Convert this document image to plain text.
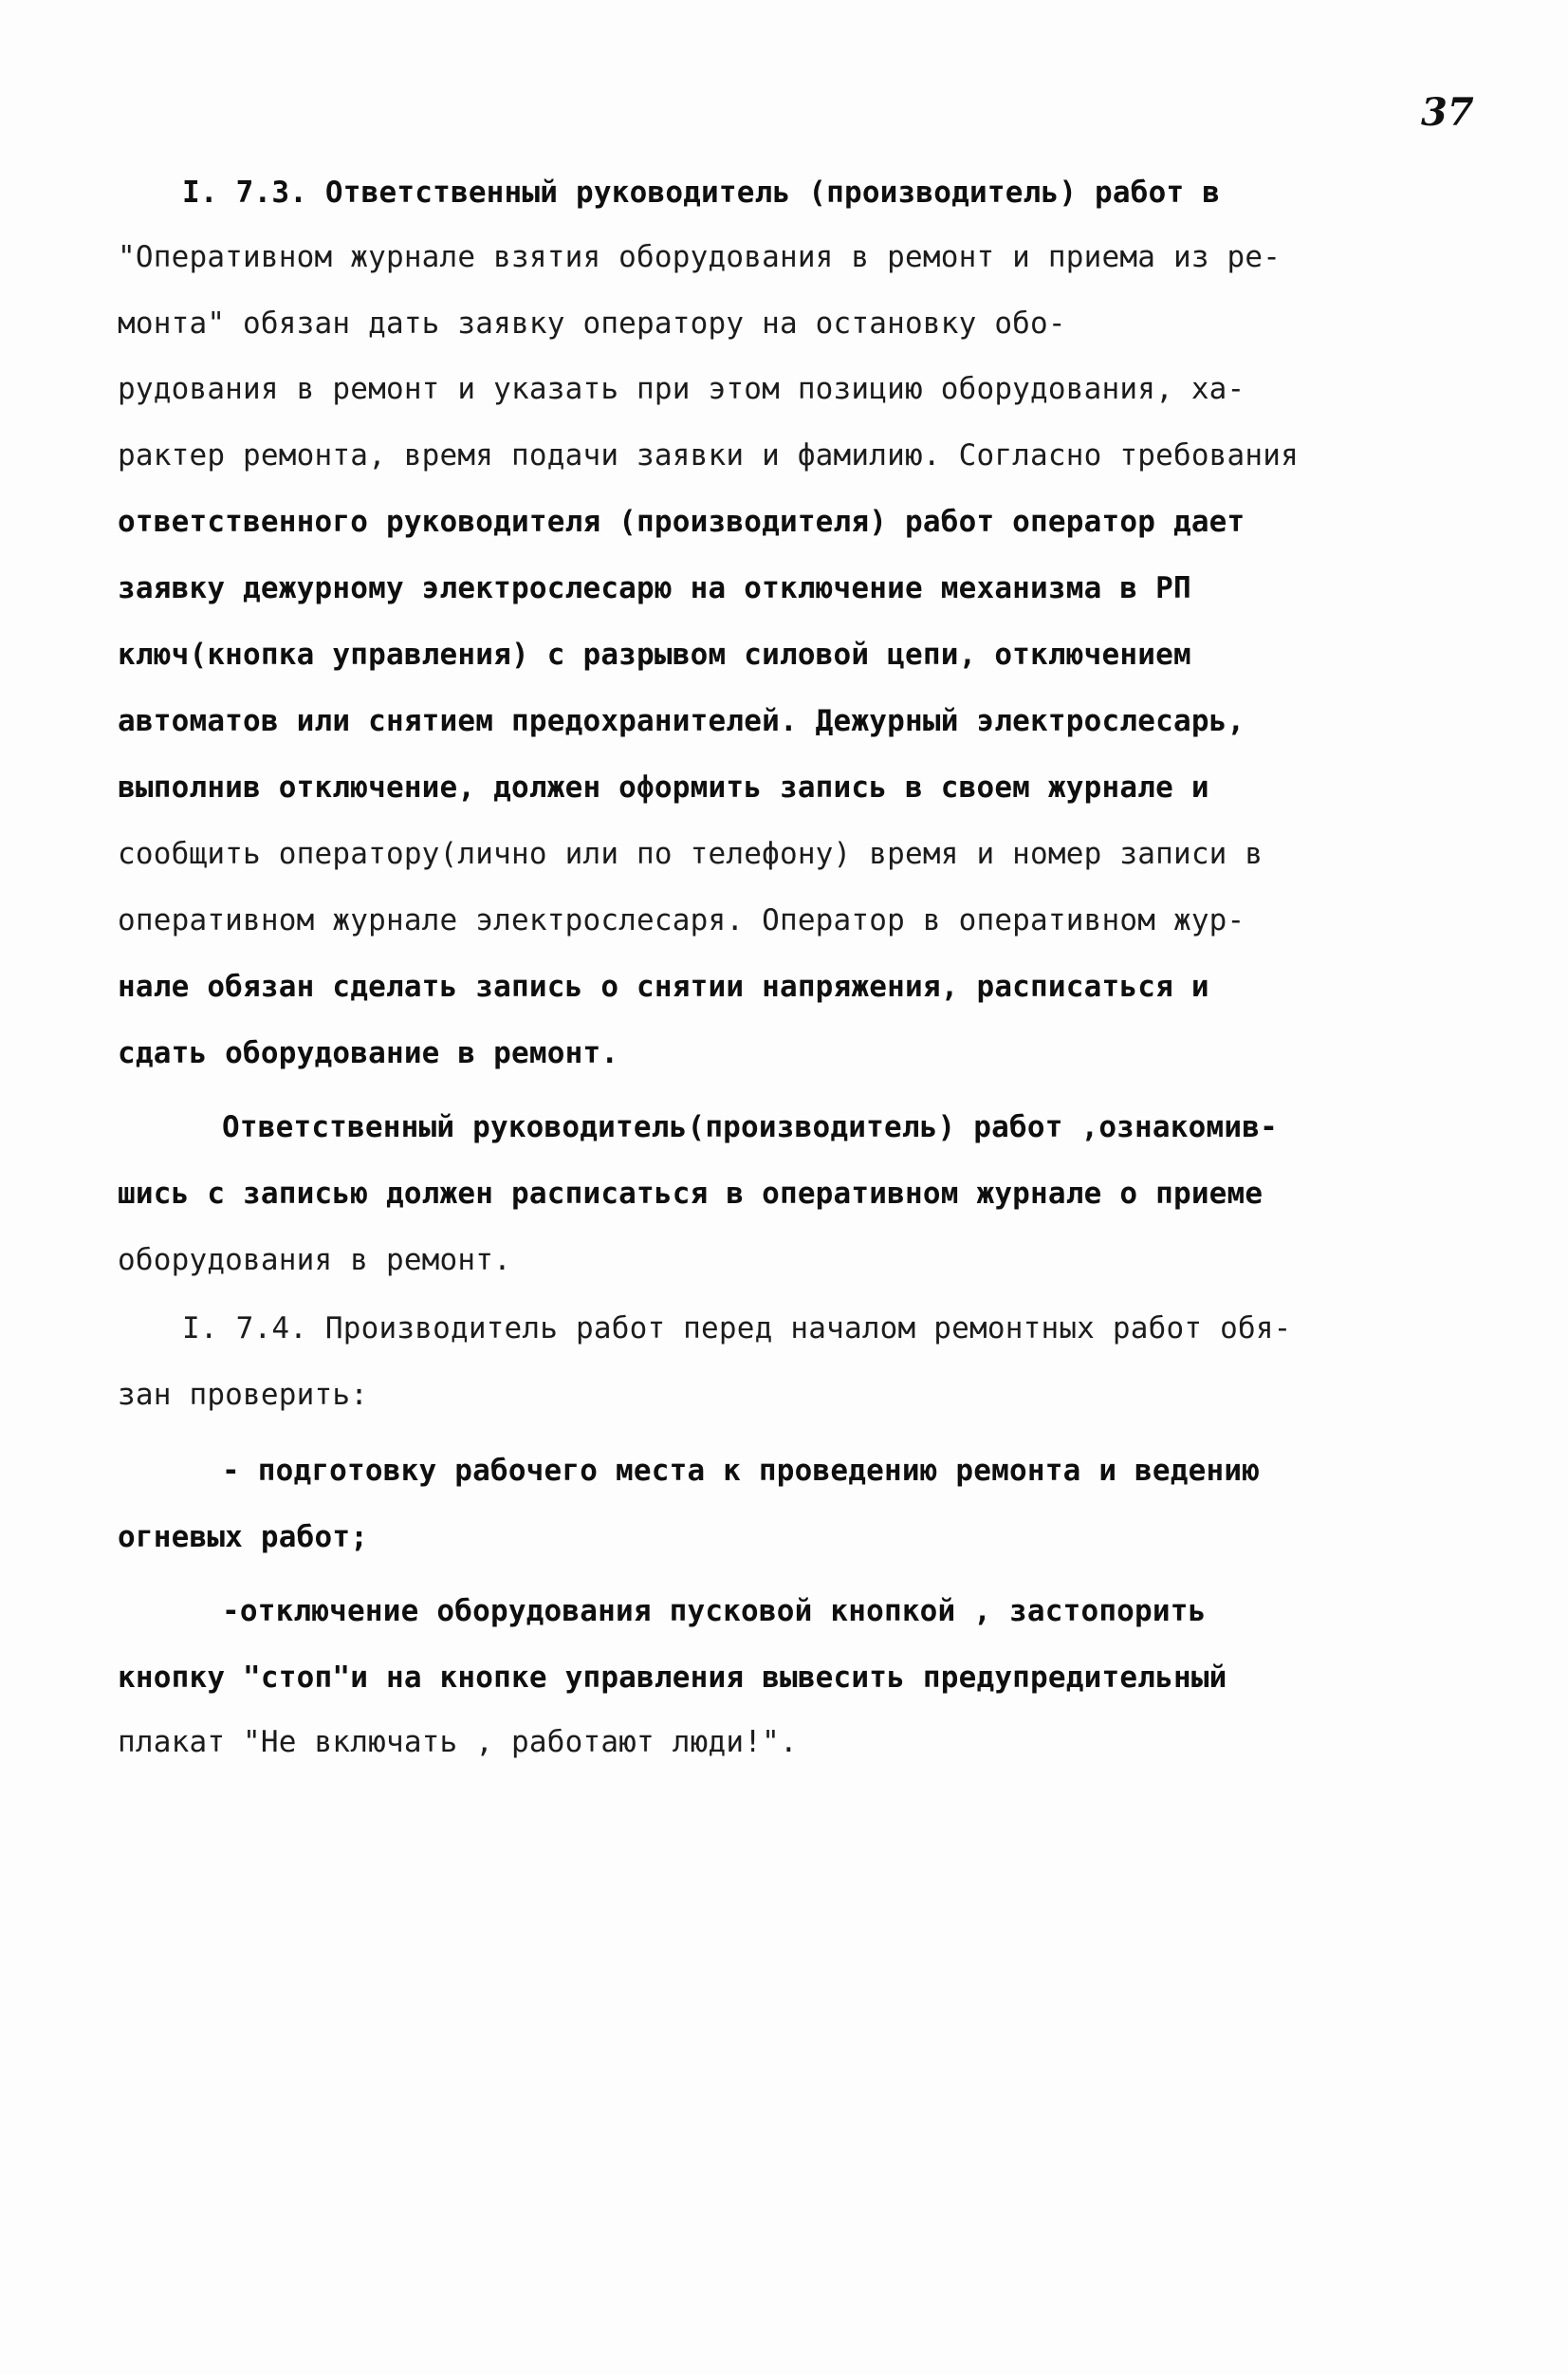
37
I. 7.3. Ответственный руководитель (производитель) работ в
"Оперативном журнале взятия оборудования в ремонт и приема из ре-
монта" обязан дать заявку оператору на остановку обо-
рудования в ремонт и указать при этом позицию оборудования, ха-
рактер ремонта, время подачи заявки и фамилию. Согласно требования
ответственного руководителя (производителя) работ оператор дает
заявку дежурному электрослесарю на отключение механизма в РП
ключ(кнопка управления) с разрывом силовой цепи, отключением
автоматов или снятием предохранителей. Дежурный электрослесарь,
выполнив отключение, должен оформить запись в своем журнале и
сообщить оператору(лично или по телефону) время и номер записи в
оперативном журнале электрослесаря. Оператор в оперативном жур-
нале обязан сделать запись о снятии напряжения, расписаться и
сдать оборудование в ремонт.
Ответственный руководитель(производитель) работ ,ознакомив-
шись с записью должен расписаться в оперативном журнале о приеме
оборудования в ремонт.
I. 7.4. Производитель работ перед началом ремонтных работ обя-
зан проверить:
- подготовку рабочего места к проведению ремонта и ведению
огневых работ;
-отключение оборудования пусковой кнопкой , застопорить
кнопку "стоп"и на кнопке управления вывесить предупредительный
плакат "Не включать , работают люди!".
